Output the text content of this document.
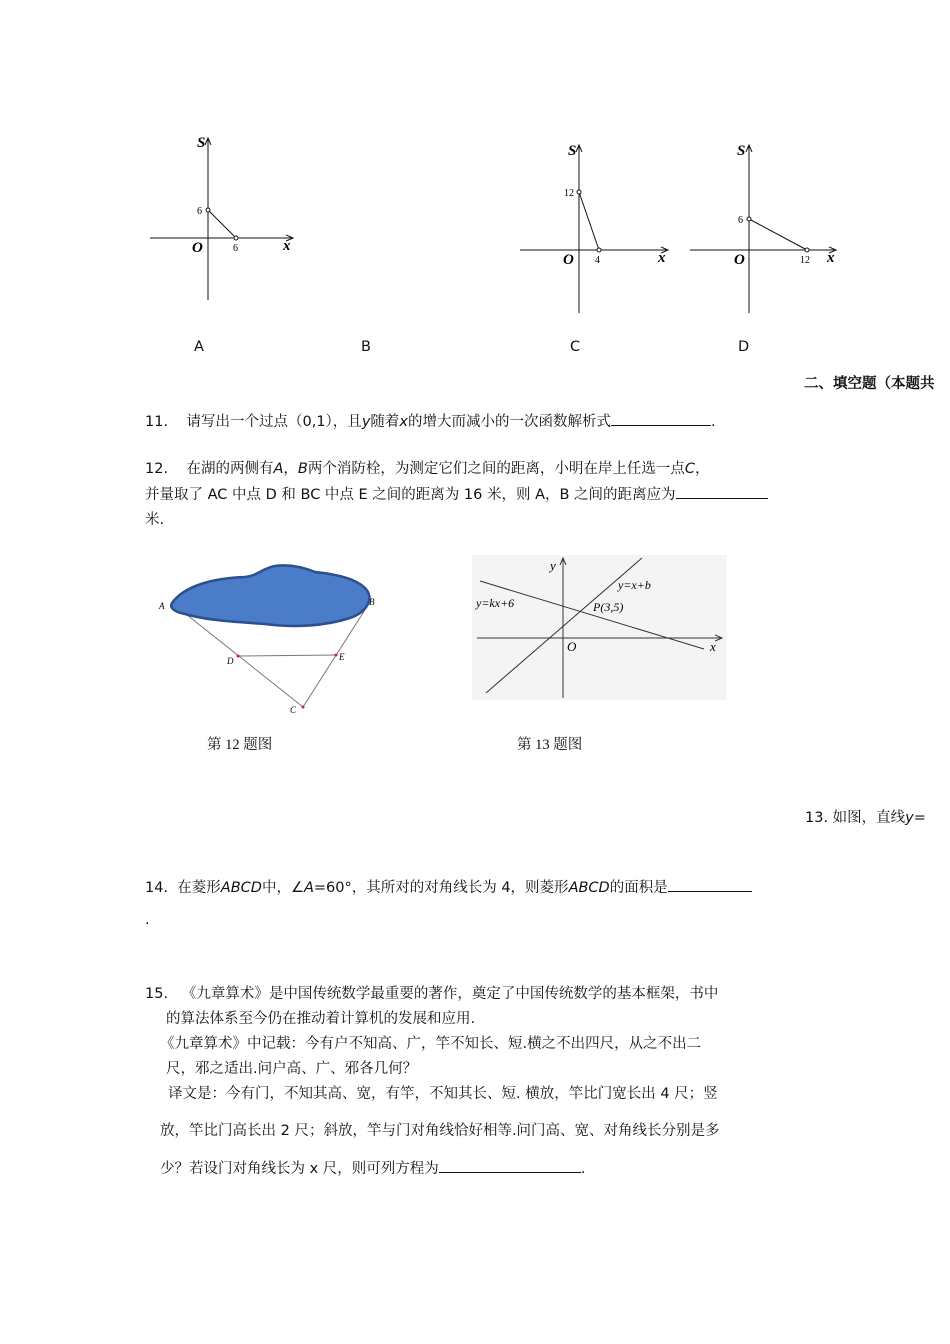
S
x
O
6
6
S
x
O
12
4
S
x
O
6
12
A	B	C	D
二、填空题（本题共
11. 请写出一个过点（0,1），且y随着x的增大而减小的一次函数解析式	.
12. 在湖的两侧有A，B两个消防栓，为测定它们之间的距离，小明在岸上任选一点C，
并量取了 AC 中点 D 和 BC 中点 E 之间的距离为 16 米，则 A，B 之间的距离应为
米.
A	B
D	E
C
y
x
O
y=x+b
y=kx+6	P(3,5)
第 12 题图	第 13 题图
13. 如图，直线y=
14. 在菱形ABCD中，∠A=60°，其所对的对角线长为 4，则菱形ABCD的面积是
.
15. 《九章算术》是中国传统数学最重要的著作，奠定了中国传统数学的基本框架，书中
的算法体系至今仍在推动着计算机的发展和应用.
《九章算术》中记载：今有户不知高、广，竿不知长、短.横之不出四尺，从之不出二
尺，邪之适出.问户高、广、邪各几何？
译文是：今有门，不知其高、宽，有竿，不知其长、短. 横放，竿比门宽长出 4 尺；竖
放，竿比门高长出 2 尺；斜放，竿与门对角线恰好相等.问门高、宽、对角线长分别是多
少？若设门对角线长为 x 尺，则可列方程为	.
